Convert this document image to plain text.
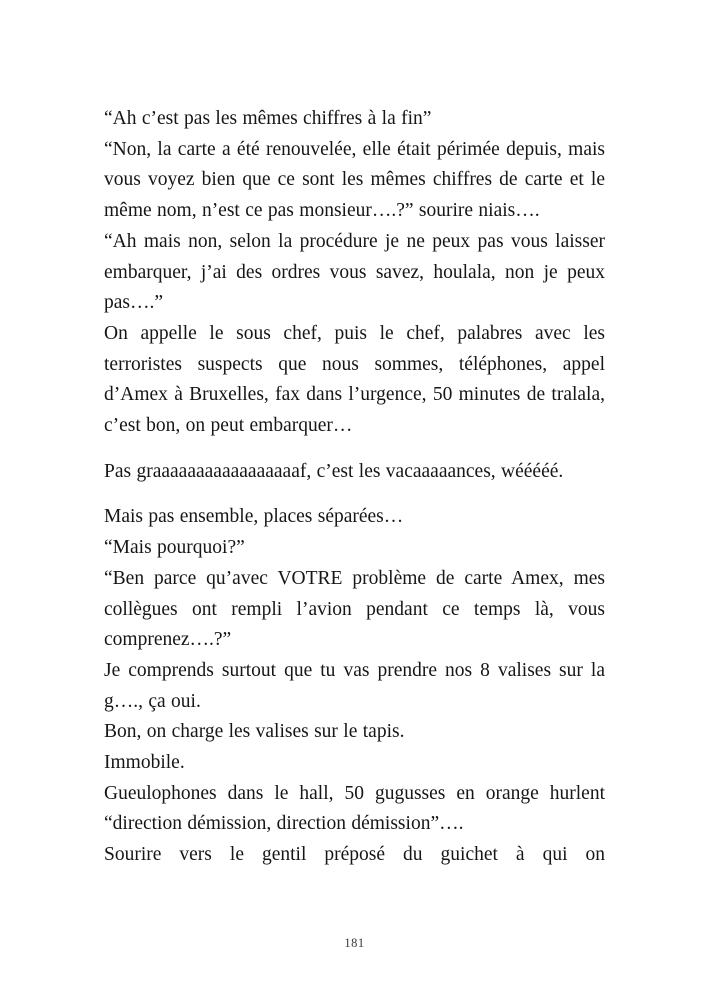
“Ah c’est pas les mêmes chiffres à la fin”

“Non, la carte a été renouvelée, elle était périmée depuis, mais vous voyez bien que ce sont les mêmes chiffres de carte et le même nom, n’est ce pas monsieur….?” sourire niais….

“Ah mais non, selon la procédure je ne peux pas vous laisser embarquer, j’ai des ordres vous savez, houlala, non je peux pas….”

On appelle le sous chef, puis le chef, palabres avec les terroristes suspects que nous sommes, téléphones, appel d’Amex à Bruxelles, fax dans l’urgence, 50 minutes de tralala, c’est bon, on peut embarquer…

Pas graaaaaaaaaaaaaaaaaf, c’est les vacaaaaances, wééééé.

Mais pas ensemble, places séparées…

“Mais pourquoi?”

“Ben parce qu’avec VOTRE problème de carte Amex, mes collègues ont rempli l’avion pendant ce temps là, vous comprenez….?”

Je comprends surtout que tu vas prendre nos 8 valises sur la g…., ça oui.

Bon, on charge les valises sur le tapis.

Immobile.

Gueulophones dans le hall, 50 gugusses en orange hurlent “direction démission, direction démission”….

Sourire vers le gentil préposé du guichet à qui on

181
